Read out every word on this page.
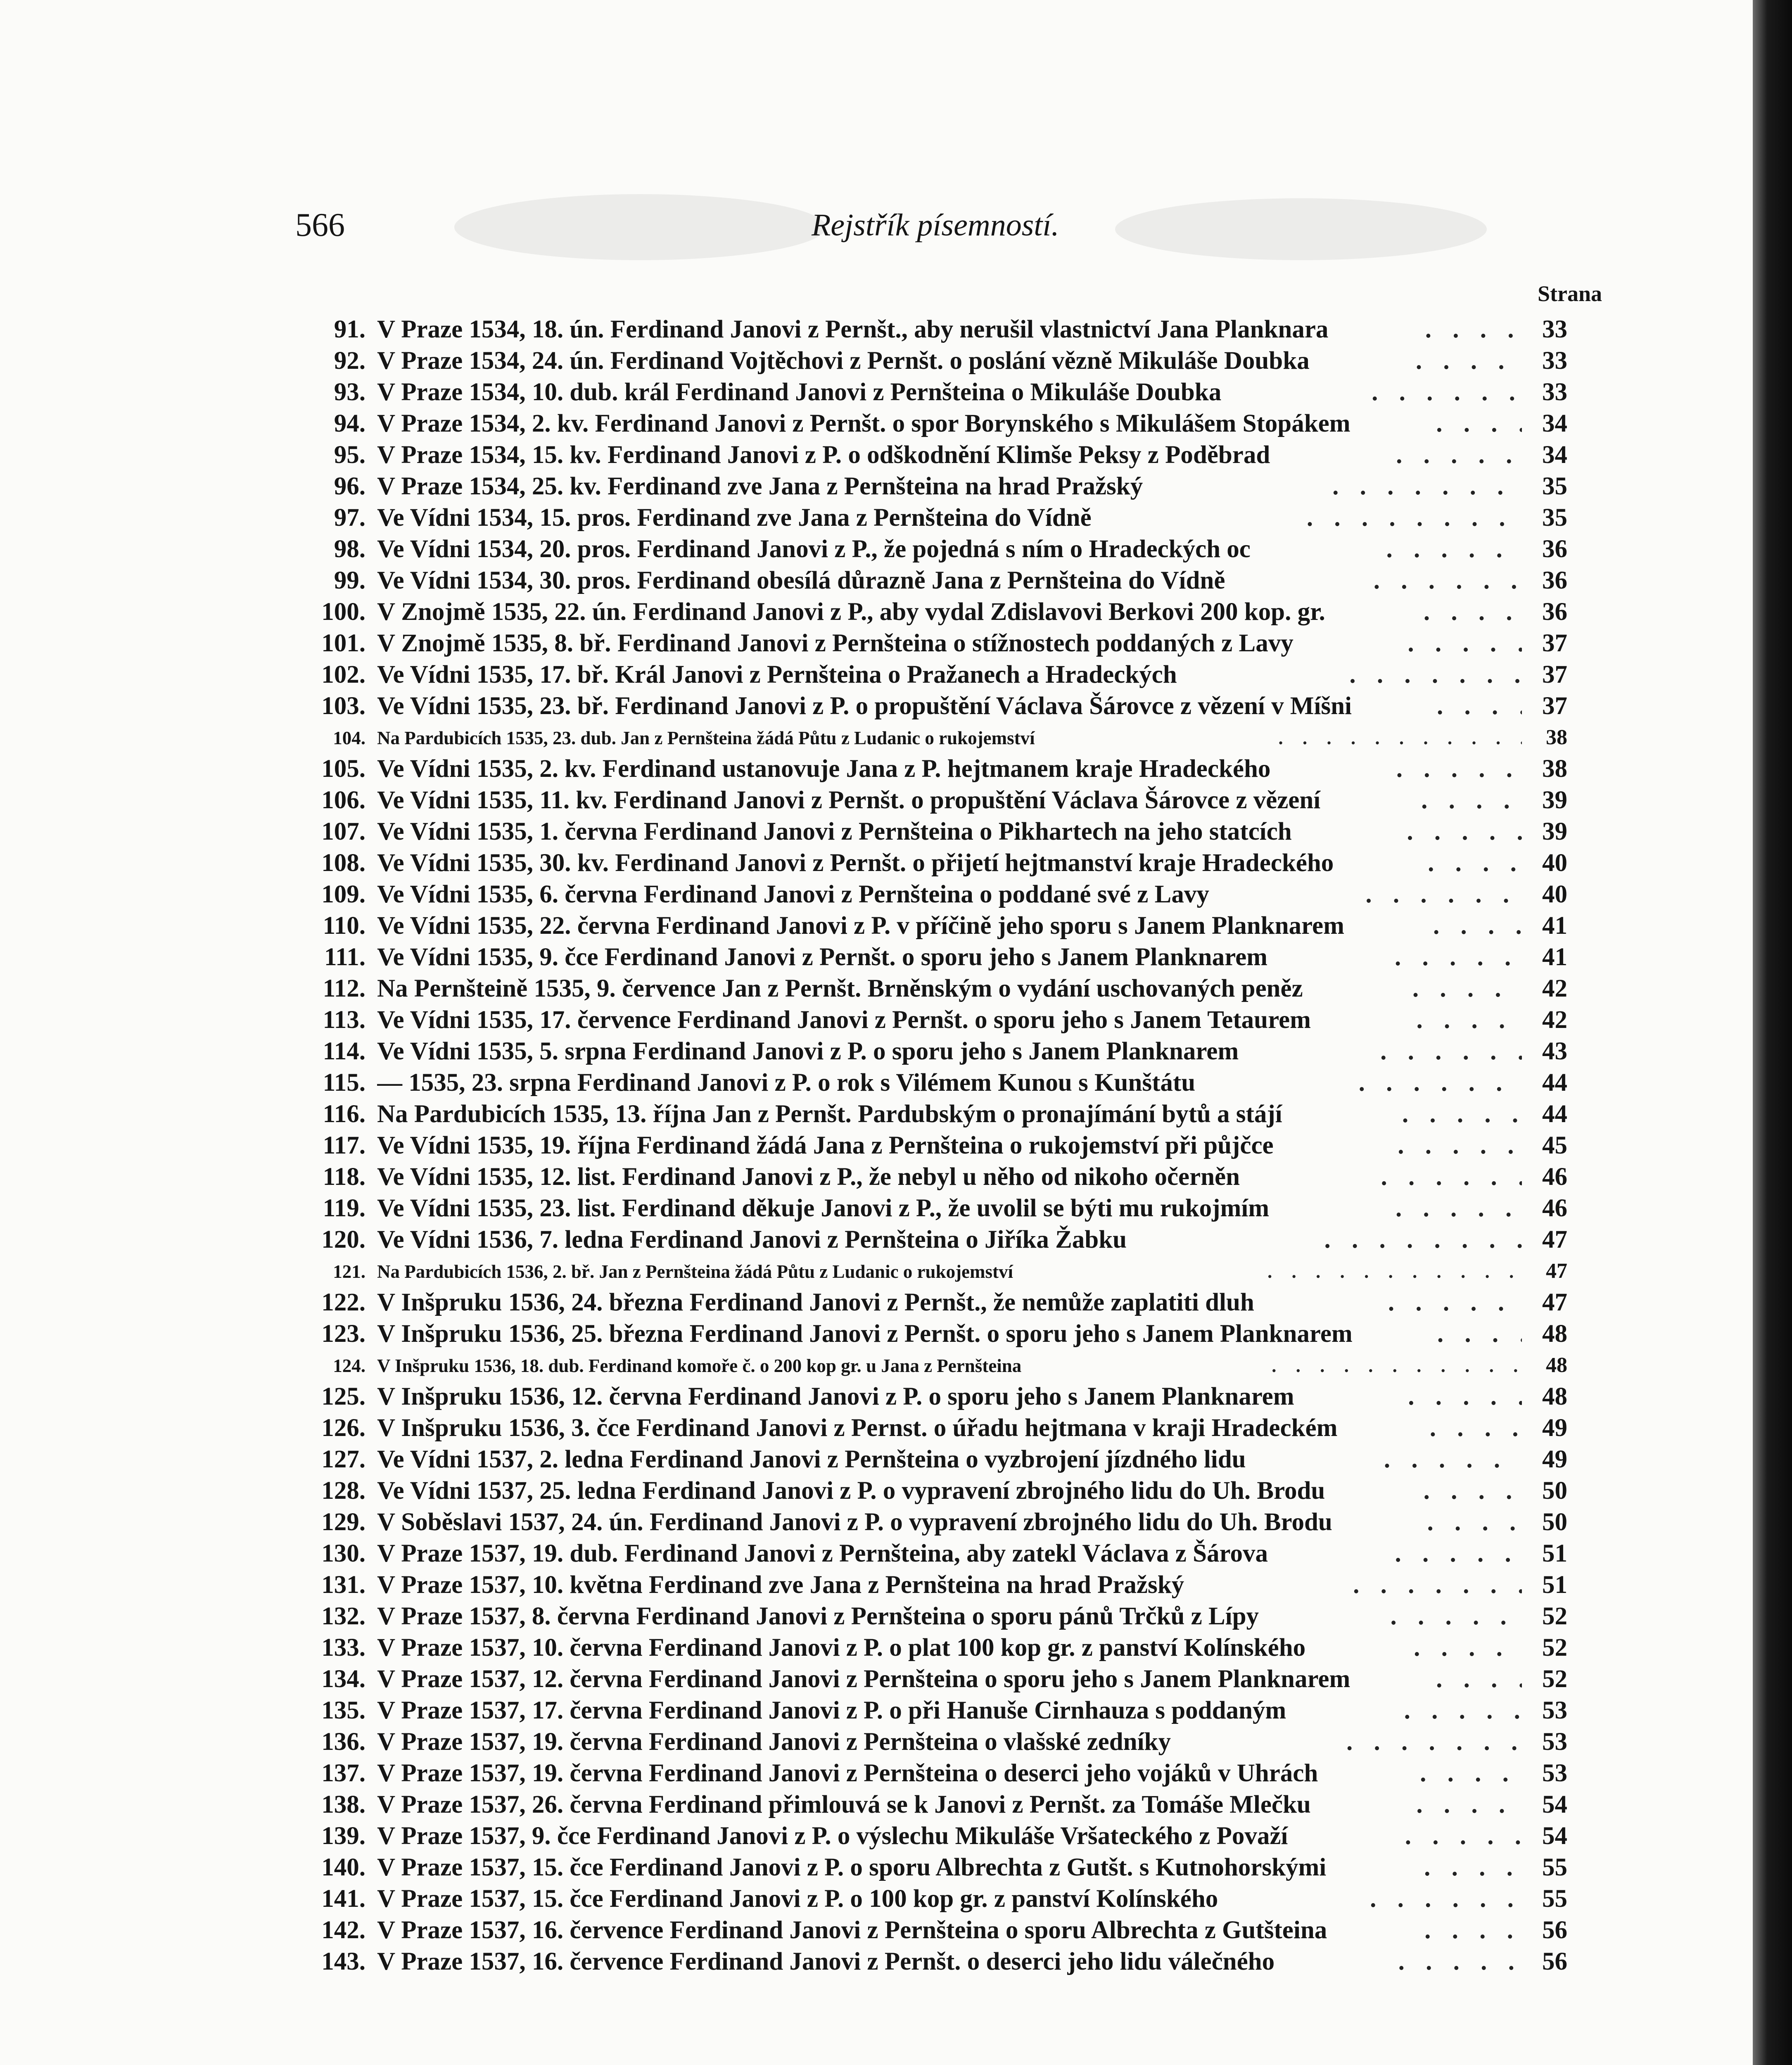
566	Rejstřík písemností.
Strana
91. V Praze 1534, 18. ún. Ferdinand Janovi z Pernšt., aby nerušil vlastnictví Jana Planknara . . .	33
92. V Praze 1534, 24. ún. Ferdinand Vojtěchovi z Pernšt. o poslání vězně Mikuláše Doubka . . .	33
93. V Praze 1534, 10. dub. král Ferdinand Janovi z Pernšteina o Mikuláše Doubka . . .	33
94. V Praze 1534, 2. kv. Ferdinand Janovi z Pernšt. o spor Borynského s Mikulášem Stopákem . . .	34
95. V Praze 1534, 15. kv. Ferdinand Janovi z P. o odškodnění Klimše Peksy z Poděbrad . . .	34
96. V Praze 1534, 25. kv. Ferdinand zve Jana z Pernšteina na hrad Pražský . . .	35
97. Ve Vídni 1534, 15. pros. Ferdinand zve Jana z Pernšteina do Vídně . . .	35
98. Ve Vídni 1534, 20. pros. Ferdinand Janovi z P., že pojedná s ním o Hradeckých oc . . .	36
99. Ve Vídni 1534, 30. pros. Ferdinand obesílá důrazně Jana z Pernšteina do Vídně . . .	36
100. V Znojmě 1535, 22. ún. Ferdinand Janovi z P., aby vydal Zdislavovi Berkovi 200 kop. gr. . . .	36
101. V Znojmě 1535, 8. bř. Ferdinand Janovi z Pernšteina o stížnostech poddaných z Lavy . . .	37
102. Ve Vídni 1535, 17. bř. Král Janovi z Pernšteina o Pražanech a Hradeckých . . .	37
103. Ve Vídni 1535, 23. bř. Ferdinand Janovi z P. o propuštění Václava Šárovce z vězení v Míšni . . .	37
104. Na Pardubicích 1535, 23. dub. Jan z Pernšteina žádá Půtu z Ludanic o rukojemství . . .	38
105. Ve Vídni 1535, 2. kv. Ferdinand ustanovuje Jana z P. hejtmanem kraje Hradeckého . . .	38
106. Ve Vídni 1535, 11. kv. Ferdinand Janovi z Pernšt. o propuštění Václava Šárovce z vězení . . .	39
107. Ve Vídni 1535, 1. června Ferdinand Janovi z Pernšteina o Pikhartech na jeho statcích . . .	39
108. Ve Vídni 1535, 30. kv. Ferdinand Janovi z Pernšt. o přijetí hejtmanství kraje Hradeckého . . .	40
109. Ve Vídni 1535, 6. června Ferdinand Janovi z Pernšteina o poddané své z Lavy . . .	40
110. Ve Vídni 1535, 22. června Ferdinand Janovi z P. v příčině jeho sporu s Janem Planknarem . . .	41
111. Ve Vídni 1535, 9. čce Ferdinand Janovi z Pernšt. o sporu jeho s Janem Planknarem . . .	41
112. Na Pernšteině 1535, 9. července Jan z Pernšt. Brněnským o vydání uschovaných peněz . . .	42
113. Ve Vídni 1535, 17. července Ferdinand Janovi z Pernšt. o sporu jeho s Janem Tetaurem . . .	42
114. Ve Vídni 1535, 5. srpna Ferdinand Janovi z P. o sporu jeho s Janem Planknarem . . .	43
115. — 1535, 23. srpna Ferdinand Janovi z P. o rok s Vilémem Kunou s Kunštátu . . .	44
116. Na Pardubicích 1535, 13. října Jan z Pernšt. Pardubským o pronajímání bytů a stájí . . .	44
117. Ve Vídni 1535, 19. října Ferdinand žádá Jana z Pernšteina o rukojemství při půjčce . . .	45
118. Ve Vídni 1535, 12. list. Ferdinand Janovi z P., že nebyl u něho od nikoho očerněn . . .	46
119. Ve Vídni 1535, 23. list. Ferdinand děkuje Janovi z P., že uvolil se býti mu rukojmím . . .	46
120. Ve Vídni 1536, 7. ledna Ferdinand Janovi z Pernšteina o Jiříka Žabku . . .	47
121. Na Pardubicích 1536, 2. bř. Jan z Pernšteina žádá Půtu z Ludanic o rukojemství . . .	47
122. V Inšpruku 1536, 24. března Ferdinand Janovi z Pernšt., že nemůže zaplatiti dluh . . .	47
123. V Inšpruku 1536, 25. března Ferdinand Janovi z Pernšt. o sporu jeho s Janem Planknarem . . .	48
124. V Inšpruku 1536, 18. dub. Ferdinand komoře č. o 200 kop gr. u Jana z Pernšteina . . .	48
125. V Inšpruku 1536, 12. června Ferdinand Janovi z P. o sporu jeho s Janem Planknarem . . .	48
126. V Inšpruku 1536, 3. čce Ferdinand Janovi z Pernst. o úřadu hejtmana v kraji Hradeckém . . .	49
127. Ve Vídni 1537, 2. ledna Ferdinand Janovi z Pernšteina o vyzbrojení jízdného lidu . . .	49
128. Ve Vídni 1537, 25. ledna Ferdinand Janovi z P. o vypravení zbrojného lidu do Uh. Brodu . . .	50
129. V Soběslavi 1537, 24. ún. Ferdinand Janovi z P. o vypravení zbrojného lidu do Uh. Brodu . . .	50
130. V Praze 1537, 19. dub. Ferdinand Janovi z Pernšteina, aby zatekl Václava z Šárova . . .	51
131. V Praze 1537, 10. května Ferdinand zve Jana z Pernšteina na hrad Pražský . . .	51
132. V Praze 1537, 8. června Ferdinand Janovi z Pernšteina o sporu pánů Trčků z Lípy . . .	52
133. V Praze 1537, 10. června Ferdinand Janovi z P. o plat 100 kop gr. z panství Kolínského . . .	52
134. V Praze 1537, 12. června Ferdinand Janovi z Pernšteina o sporu jeho s Janem Planknarem . . .	52
135. V Praze 1537, 17. června Ferdinand Janovi z P. o při Hanuše Cirnhauza s poddaným . . .	53
136. V Praze 1537, 19. června Ferdinand Janovi z Pernšteina o vlašské zedníky . . .	53
137. V Praze 1537, 19. června Ferdinand Janovi z Pernšteina o deserci jeho vojáků v Uhrách . . .	53
138. V Praze 1537, 26. června Ferdinand přimlouvá se k Janovi z Pernšt. za Tomáše Mlečku . . .	54
139. V Praze 1537, 9. čce Ferdinand Janovi z P. o výslechu Mikuláše Vršateckého z Považí . . .	54
140. V Praze 1537, 15. čce Ferdinand Janovi z P. o sporu Albrechta z Gutšt. s Kutnohorskými . . .	55
141. V Praze 1537, 15. čce Ferdinand Janovi z P. o 100 kop gr. z panství Kolínského . . .	55
142. V Praze 1537, 16. července Ferdinand Janovi z Pernšteina o sporu Albrechta z Gutšteina . . .	56
143. V Praze 1537, 16. července Ferdinand Janovi z Pernšt. o deserci jeho lidu válečného . . .	56
